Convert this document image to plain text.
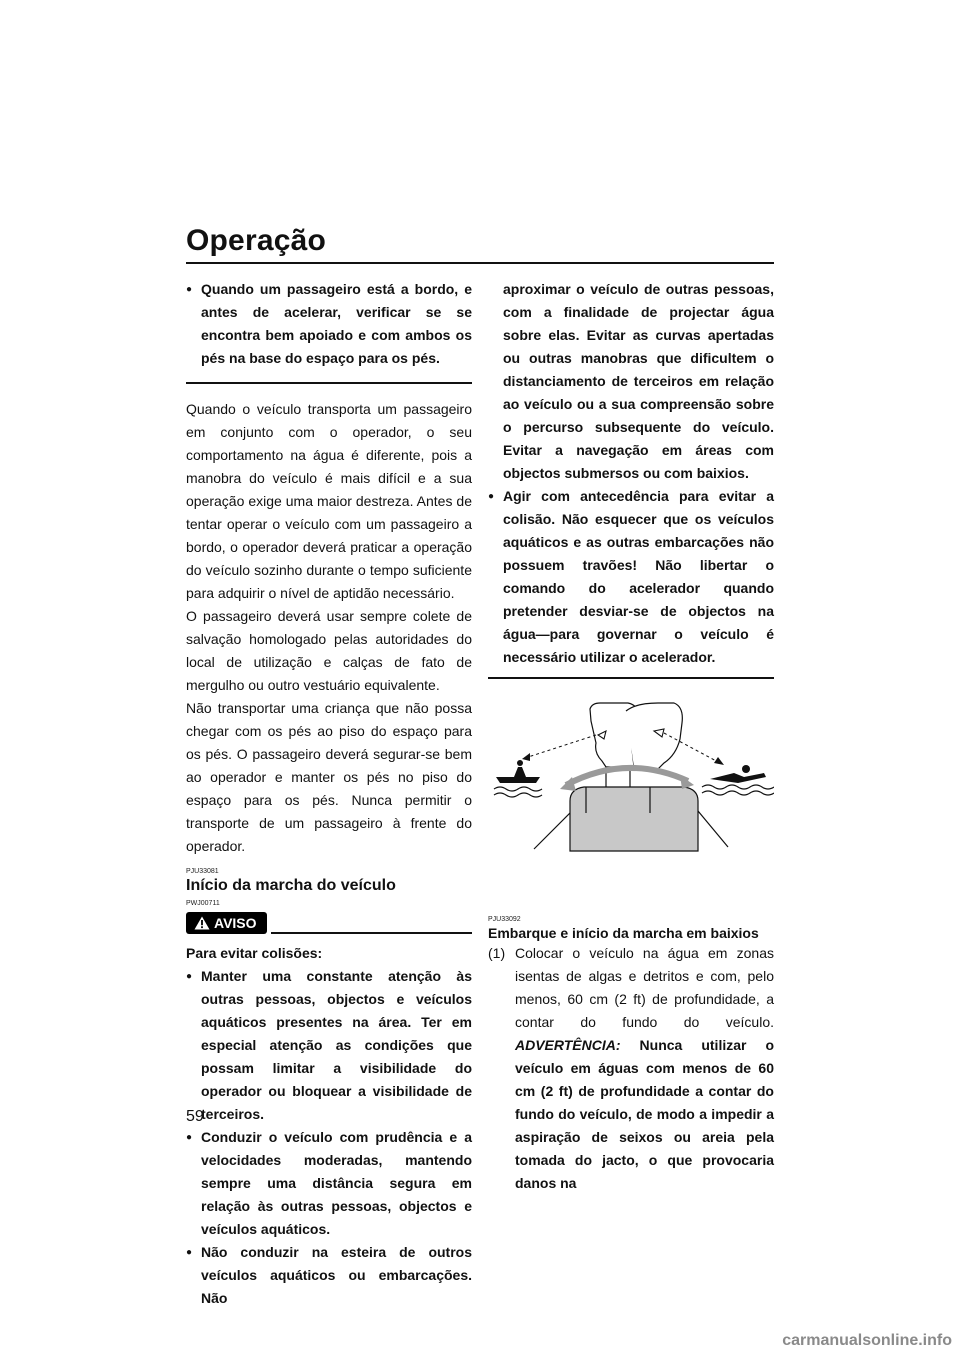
Operação
● Quando um passageiro está a bordo, e antes de acelerar, verificar se se encontra bem apoiado e com ambos os pés na base do espaço para os pés.
Quando o veículo transporta um passageiro em conjunto com o operador, o seu comportamento na água é diferente, pois a manobra do veículo é mais difícil e a sua operação exige uma maior destreza. Antes de tentar operar o veículo com um passageiro a bordo, o operador deverá praticar a operação do veículo sozinho durante o tempo suficiente para adquirir o nível de aptidão necessário.
O passageiro deverá usar sempre colete de salvação homologado pelas autoridades do local de utilização e calças de fato de mergulho ou outro vestuário equivalente.
Não transportar uma criança que não possa chegar com os pés ao piso do espaço para os pés. O passageiro deverá segurar-se bem ao operador e manter os pés no piso do espaço para os pés. Nunca permitir o transporte de um passageiro à frente do operador.
PJU33081
Início da marcha do veículo
PWJ00711
AVISO
Para evitar colisões:
● Manter uma constante atenção às outras pessoas, objectos e veículos aquáticos presentes na área. Ter em especial atenção as condições que possam limitar a visibilidade do operador ou bloquear a visibilidade de terceiros.
● Conduzir o veículo com prudência e a velocidades moderadas, mantendo sempre uma distância segura em relação às outras pessoas, objectos e veículos aquáticos.
● Não conduzir na esteira de outros veículos aquáticos ou embarcações. Não
aproximar o veículo de outras pessoas, com a finalidade de projectar água sobre elas. Evitar as curvas apertadas ou outras manobras que dificultem o distanciamento de terceiros em relação ao veículo ou a sua compreensão sobre o percurso subsequente do veículo. Evitar a navegação em áreas com objectos submersos ou com baixios.
● Agir com antecedência para evitar a colisão. Não esquecer que os veículos aquáticos e as outras embarcações não possuem travões! Não libertar o comando do acelerador quando pretender desviar-se de objectos na água—para governar o veículo é necessário utilizar o acelerador.
PJU33092
Embarque e início da marcha em baixios
(1) Colocar o veículo na água em zonas isentas de algas e detritos e com, pelo menos, 60 cm (2 ft) de profundidade, a contar do fundo do veículo. ADVERTÊNCIA: Nunca utilizar o veículo em águas com menos de 60 cm (2 ft) de profundidade a contar do fundo do veículo, de modo a impedir a aspiração de seixos ou areia pela tomada do jacto, o que provocaria danos na
59
carmanualsonline.info
